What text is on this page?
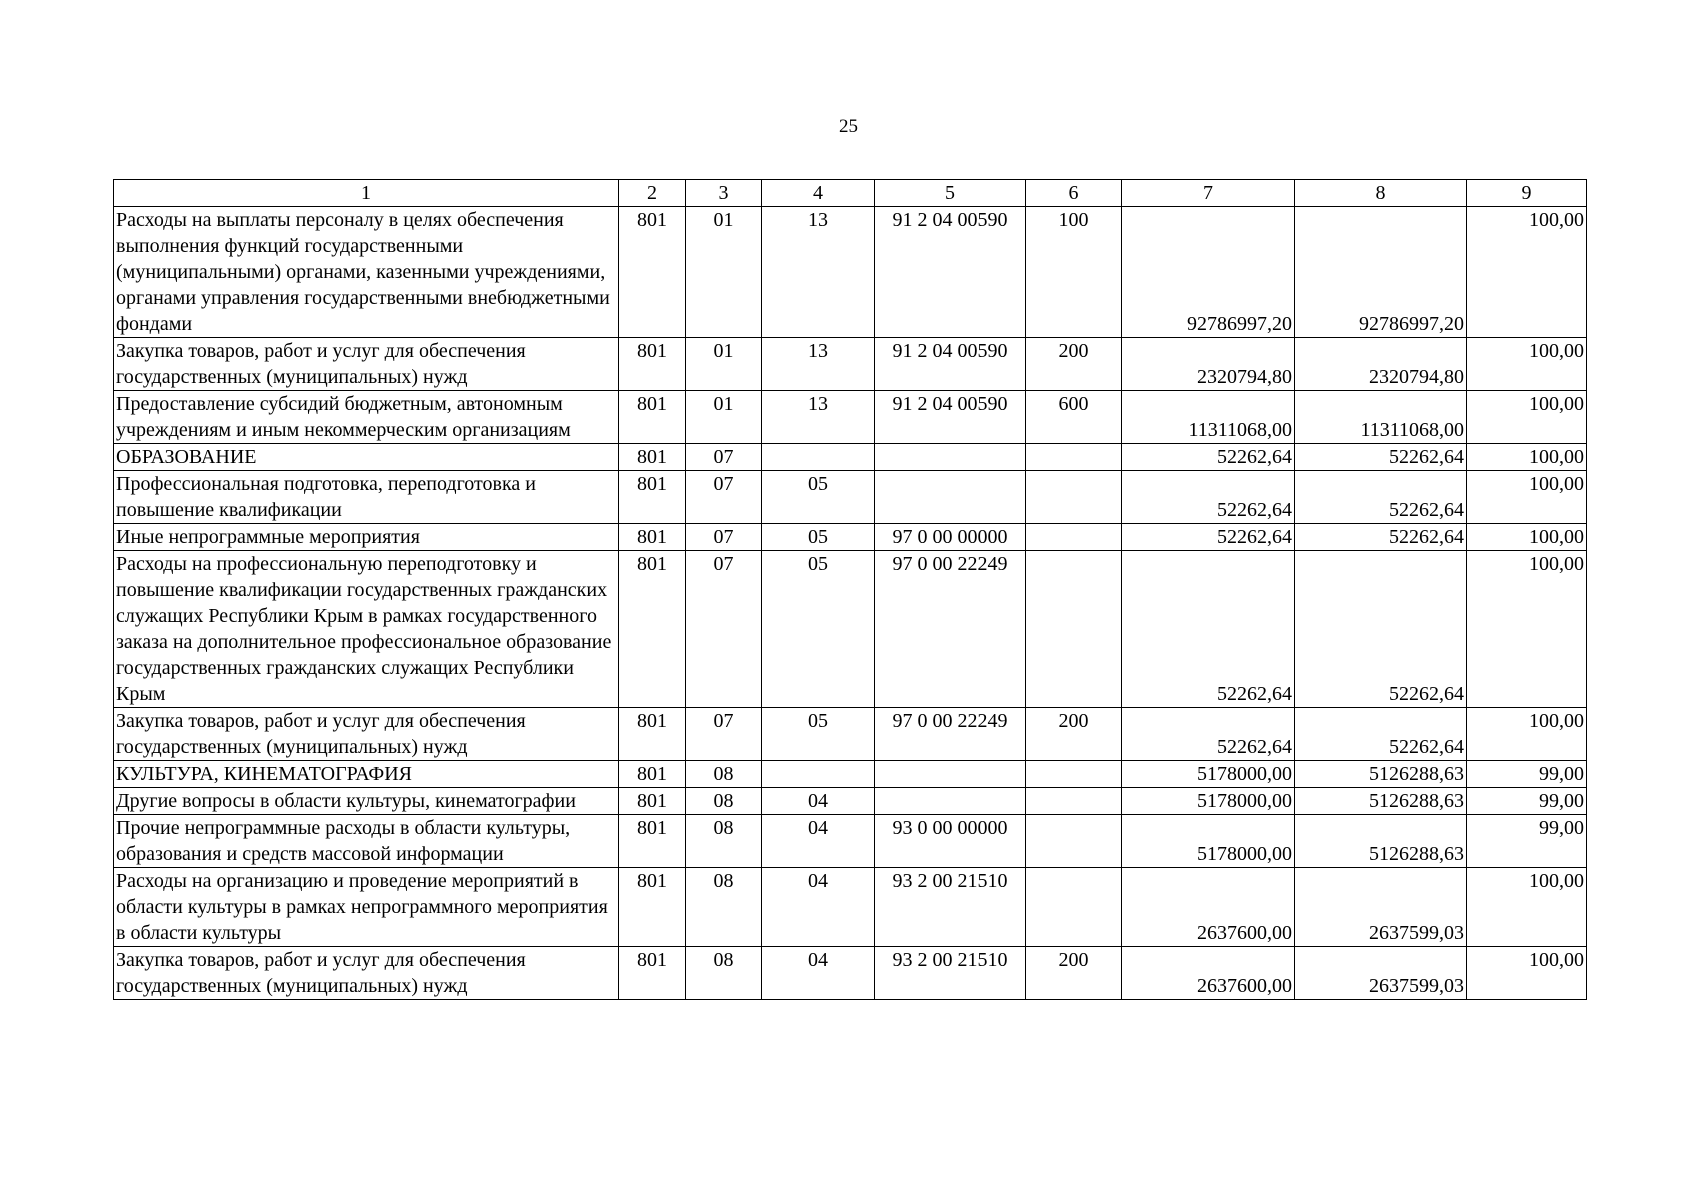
25
1	2	3	4	5	6	7	8	9
Расходы на выплаты персоналу в целях обеспечения выполнения функций государственными (муниципальными) органами, казенными учреждениями, органами управления государственными внебюджетными фондами	801	01	13	91 2 04 00590	100	92786997,20	92786997,20	100,00
Закупка товаров, работ и услуг для обеспечения государственных (муниципальных) нужд	801	01	13	91 2 04 00590	200	2320794,80	2320794,80	100,00
Предоставление субсидий бюджетным, автономным учреждениям и иным некоммерческим организациям	801	01	13	91 2 04 00590	600	11311068,00	11311068,00	100,00
ОБРАЗОВАНИЕ	801	07				52262,64	52262,64	100,00
Профессиональная подготовка, переподготовка и повышение квалификации	801	07	05			52262,64	52262,64	100,00
Иные непрограммные мероприятия	801	07	05	97 0 00 00000		52262,64	52262,64	100,00
Расходы на профессиональную переподготовку и повышение квалификации государственных гражданских служащих Республики Крым в рамках государственного заказа на дополнительное профессиональное образование государственных гражданских служащих Республики Крым	801	07	05	97 0 00 22249		52262,64	52262,64	100,00
Закупка товаров, работ и услуг для обеспечения государственных (муниципальных) нужд	801	07	05	97 0 00 22249	200	52262,64	52262,64	100,00
КУЛЬТУРА, КИНЕМАТОГРАФИЯ	801	08				5178000,00	5126288,63	99,00
Другие вопросы в области культуры, кинематографии	801	08	04			5178000,00	5126288,63	99,00
Прочие непрограммные расходы в области культуры, образования и средств массовой информации	801	08	04	93 0 00 00000		5178000,00	5126288,63	99,00
Расходы на организацию и проведение мероприятий в области культуры в рамках непрограммного мероприятия в области культуры	801	08	04	93 2 00 21510		2637600,00	2637599,03	100,00
Закупка товаров, работ и услуг для обеспечения государственных (муниципальных) нужд	801	08	04	93 2 00 21510	200	2637600,00	2637599,03	100,00
